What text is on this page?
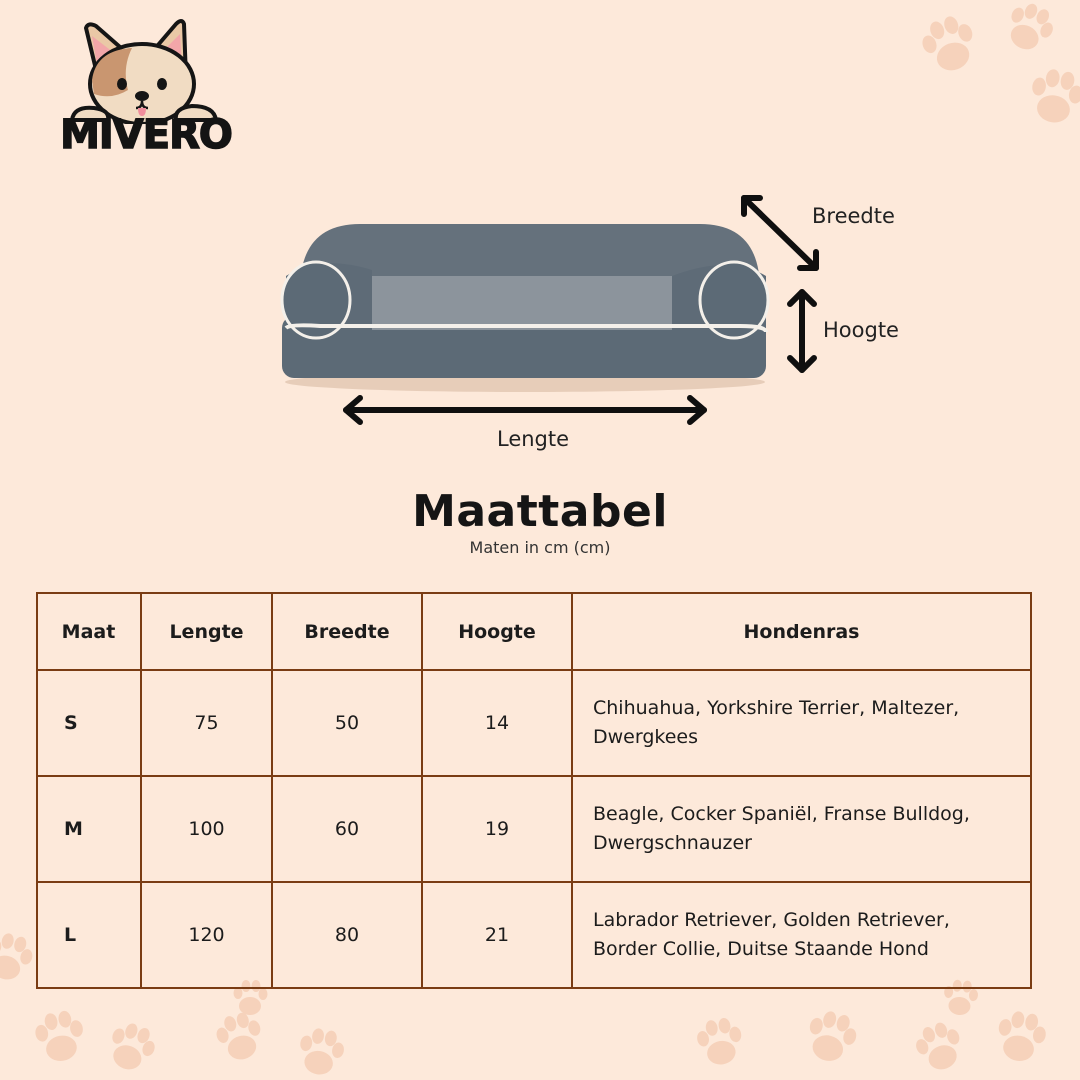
MIVERO
Breedte
Hoogte
Lengte
Maattabel
Maten in cm (cm)
Maat	Lengte	Breedte	Hoogte	Hondenras
S	75	50	14	Chihuahua, Yorkshire Terrier, Maltezer, Dwergkees
M	100	60	19	Beagle, Cocker Spaniël, Franse Bulldog, Dwergschnauzer
L	120	80	21	Labrador Retriever, Golden Retriever, Border Collie, Duitse Staande Hond
